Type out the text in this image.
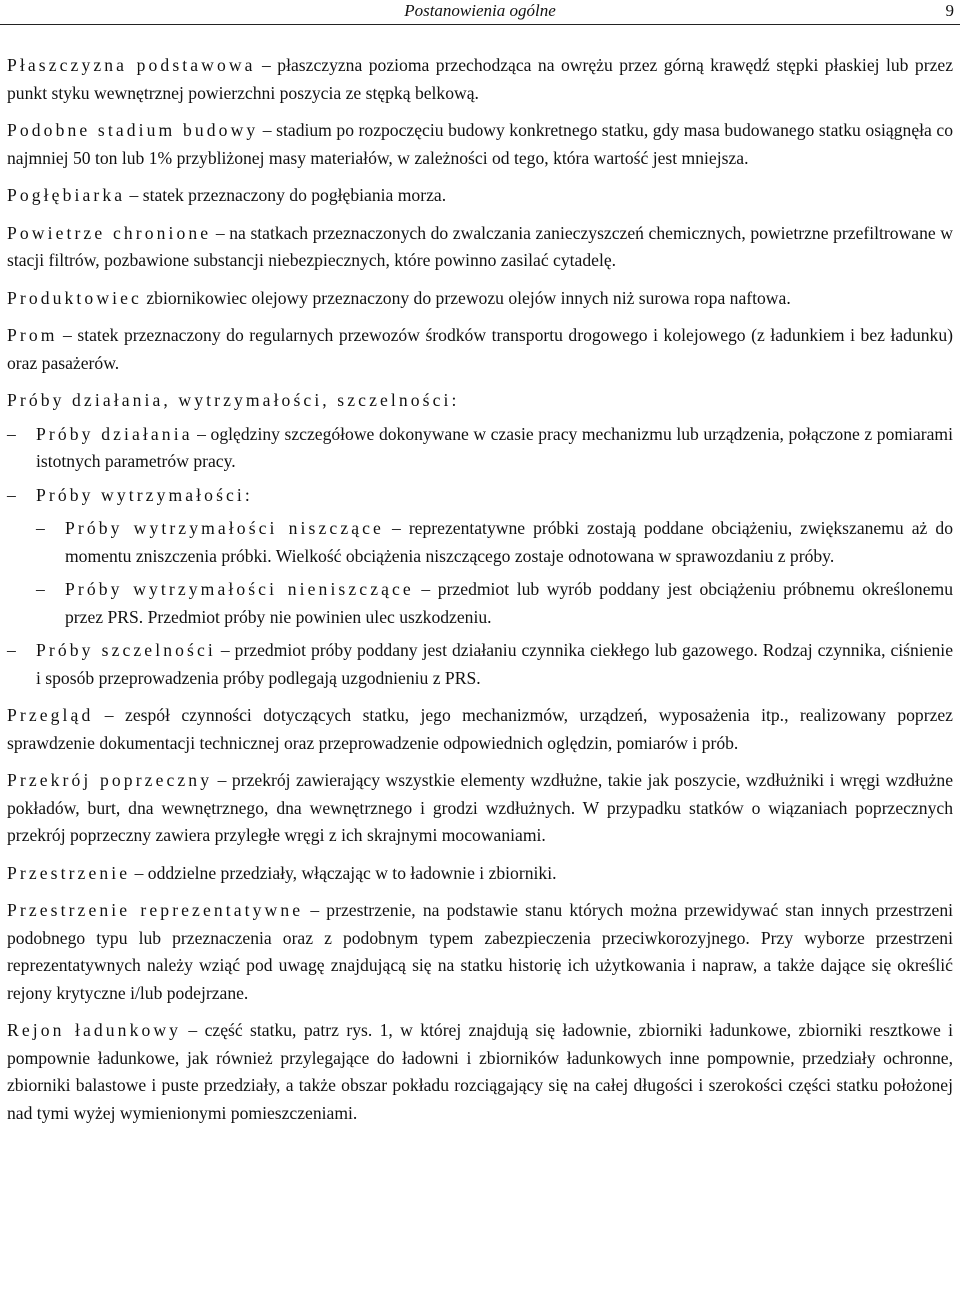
Postanowienia ogólne	9

Płaszczyzna podstawowa – płaszczyzna pozioma przechodząca na owrężu przez górną krawędź stępki płaskiej lub przez punkt styku wewnętrznej powierzchni poszycia ze stępką belkową.

Podobne stadium budowy – stadium po rozpoczęciu budowy konkretnego statku, gdy masa budowanego statku osiągnęła co najmniej 50 ton lub 1% przybliżonej masy materiałów, w zależności od tego, która wartość jest mniejsza.

Pogłębiarka – statek przeznaczony do pogłębiania morza.

Powietrze chronione – na statkach przeznaczonych do zwalczania zanieczyszczeń chemicznych, powietrzne przefiltrowane w stacji filtrów, pozbawione substancji niebezpiecznych, które powinno zasilać cytadelę.

Produktowiec zbiornikowiec olejowy przeznaczony do przewozu olejów innych niż surowa ropa naftowa.

Prom – statek przeznaczony do regularnych przewozów środków transportu drogowego i kolejowego (z ładunkiem i bez ładunku) oraz pasażerów.

Próby działania, wytrzymałości, szczelności:

– Próby działania – oględziny szczegółowe dokonywane w czasie pracy mechanizmu lub urządzenia, połączone z pomiarami istotnych parametrów pracy.

– Próby wytrzymałości:

– Próby wytrzymałości niszczące – reprezentatywne próbki zostają poddane obciążeniu, zwiększanemu aż do momentu zniszczenia próbki. Wielkość obciążenia niszczącego zostaje odnotowana w sprawozdaniu z próby.

– Próby wytrzymałości nieniszczące – przedmiot lub wyrób poddany jest obciążeniu próbnemu określonemu przez PRS. Przedmiot próby nie powinien ulec uszkodzeniu.

– Próby szczelności – przedmiot próby poddany jest działaniu czynnika ciekłego lub gazowego. Rodzaj czynnika, ciśnienie i sposób przeprowadzenia próby podlegają uzgodnieniu z PRS.

Przegląd – zespół czynności dotyczących statku, jego mechanizmów, urządzeń, wyposażenia itp., realizowany poprzez sprawdzenie dokumentacji technicznej oraz przeprowadzenie odpowiednich oględzin, pomiarów i prób.

Przekrój poprzeczny – przekrój zawierający wszystkie elementy wzdłużne, takie jak poszycie, wzdłużniki i wręgi wzdłużne pokładów, burt, dna wewnętrznego, dna wewnętrznego i grodzi wzdłużnych. W przypadku statków o wiązaniach poprzecznych przekrój poprzeczny zawiera przyległe wręgi z ich skrajnymi mocowaniami.

Przestrzenie – oddzielne przedziały, włączając w to ładownie i zbiorniki.

Przestrzenie reprezentatywne – przestrzenie, na podstawie stanu których można przewidywać stan innych przestrzeni podobnego typu lub przeznaczenia oraz z podobnym typem zabezpieczenia przeciwkorozyjnego. Przy wyborze przestrzeni reprezentatywnych należy wziąć pod uwagę znajdującą się na statku historię ich użytkowania i napraw, a także dające się określić rejony krytyczne i/lub podejrzane.

Rejon ładunkowy – część statku, patrz rys. 1, w której znajdują się ładownie, zbiorniki ładunkowe, zbiorniki resztkowe i pompownie ładunkowe, jak również przylegające do ładowni i zbiorników ładunkowych inne pompownie, przedziały ochronne, zbiorniki balastowe i puste przedziały, a także obszar pokładu rozciągający się na całej długości i szerokości części statku położonej nad tymi wyżej wymienionymi pomieszczeniami.
